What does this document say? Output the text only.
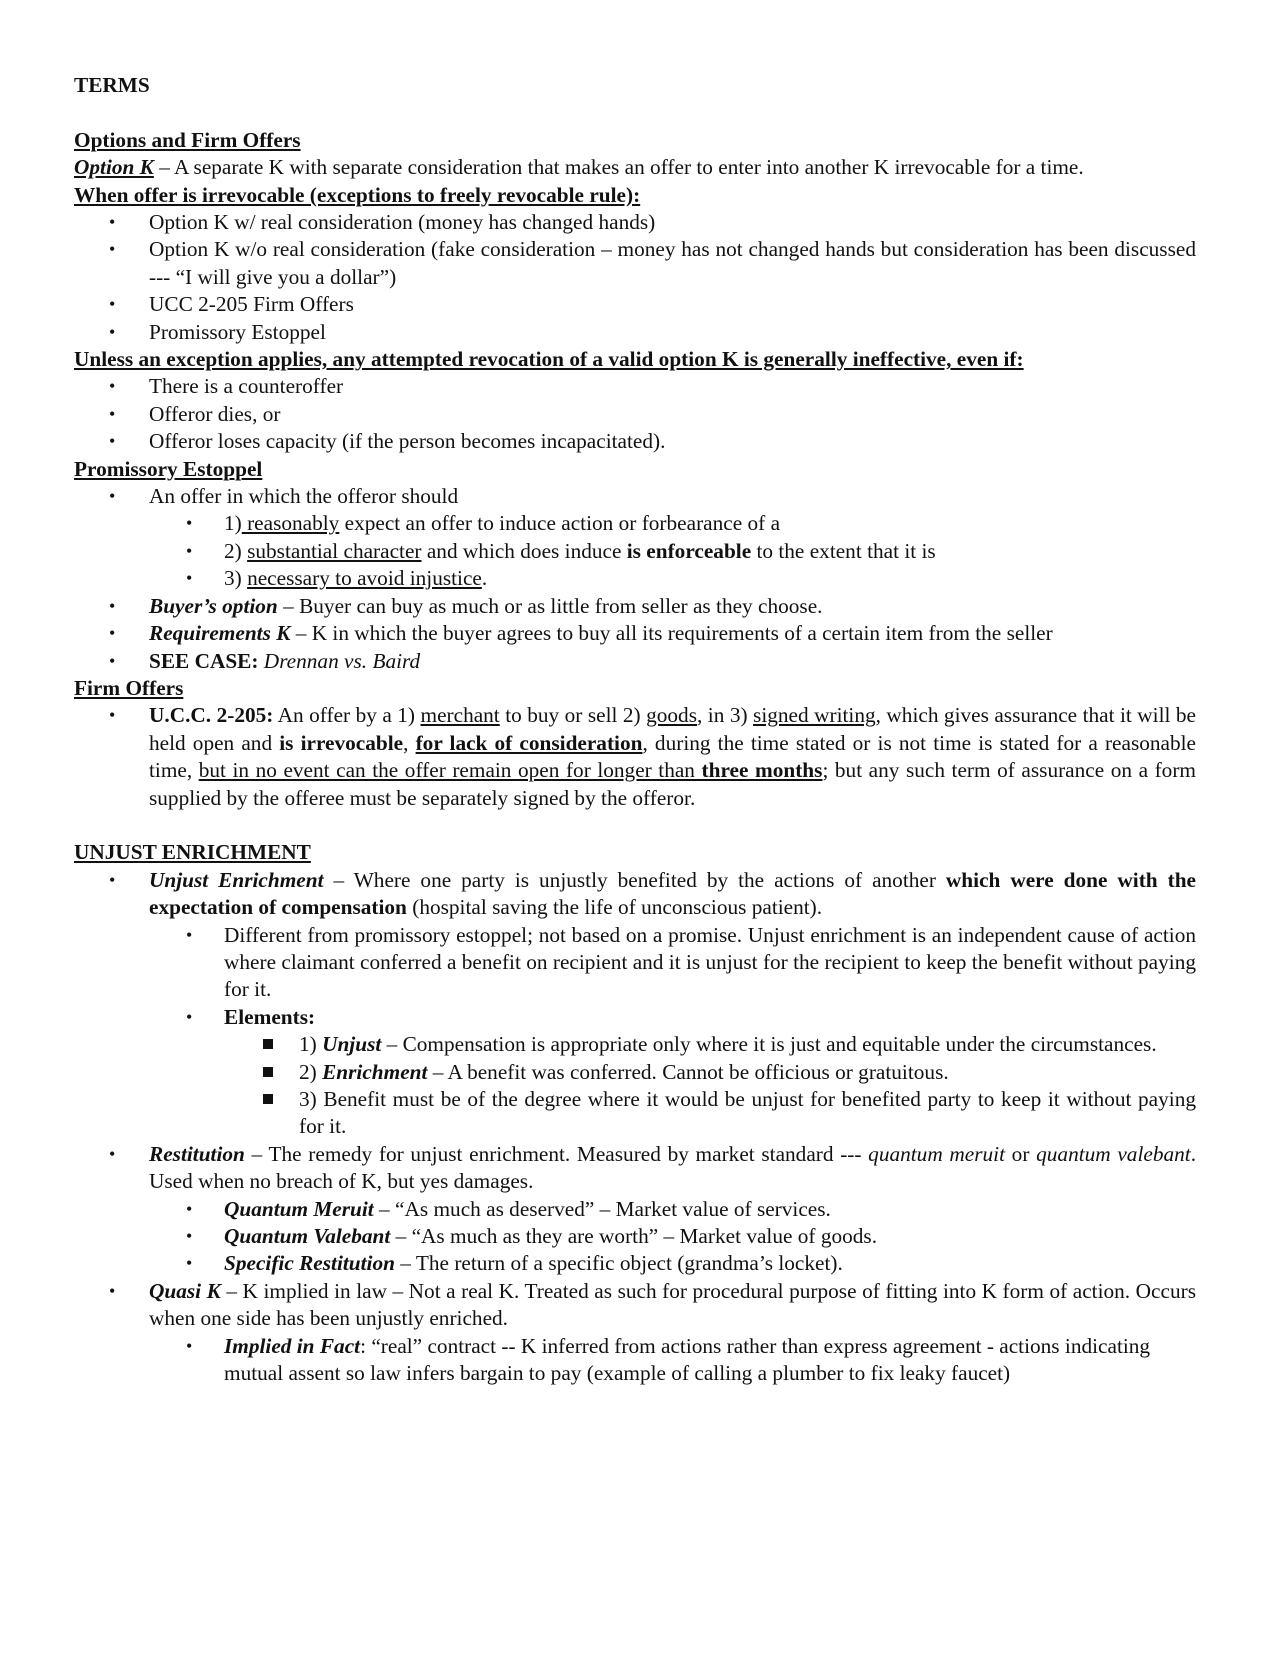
TERMS

Options and Firm Offers

Option K – A separate K with separate consideration that makes an offer to enter into another K irrevocable for a time.

When offer is irrevocable (exceptions to freely revocable rule):

• Option K w/ real consideration (money has changed hands)
• Option K w/o real consideration (fake consideration – money has not changed hands but consideration has been discussed --- “I will give you a dollar”)
• UCC 2-205 Firm Offers
• Promissory Estoppel

Unless an exception applies, any attempted revocation of a valid option K is generally ineffective, even if:

• There is a counteroffer
• Offeror dies, or
• Offeror loses capacity (if the person becomes incapacitated).

Promissory Estoppel

• An offer in which the offeror should
• 1) reasonably expect an offer to induce action or forbearance of a
• 2) substantial character and which does induce is enforceable to the extent that it is
• 3) necessary to avoid injustice.
• Buyer’s option – Buyer can buy as much or as little from seller as they choose.
• Requirements K – K in which the buyer agrees to buy all its requirements of a certain item from the seller
• SEE CASE: Drennan vs. Baird

Firm Offers

• U.C.C. 2-205: An offer by a 1) merchant to buy or sell 2) goods, in 3) signed writing, which gives assurance that it will be held open and is irrevocable, for lack of consideration, during the time stated or is not time is stated for a reasonable time, but in no event can the offer remain open for longer than three months; but any such term of assurance on a form supplied by the offeree must be separately signed by the offeror.

UNJUST ENRICHMENT

• Unjust Enrichment – Where one party is unjustly benefited by the actions of another which were done with the expectation of compensation (hospital saving the life of unconscious patient).
• Different from promissory estoppel; not based on a promise. Unjust enrichment is an independent cause of action where claimant conferred a benefit on recipient and it is unjust for the recipient to keep the benefit without paying for it.
• Elements:
1) Unjust – Compensation is appropriate only where it is just and equitable under the circumstances.
2) Enrichment – A benefit was conferred. Cannot be officious or gratuitous.
3) Benefit must be of the degree where it would be unjust for benefited party to keep it without paying for it.
• Restitution – The remedy for unjust enrichment. Measured by market standard --- quantum meruit or quantum valebant. Used when no breach of K, but yes damages.
• Quantum Meruit – “As much as deserved” – Market value of services.
• Quantum Valebant – “As much as they are worth” – Market value of goods.
• Specific Restitution – The return of a specific object (grandma’s locket).
• Quasi K – K implied in law – Not a real K. Treated as such for procedural purpose of fitting into K form of action. Occurs when one side has been unjustly enriched.
• Implied in Fact: “real” contract -- K inferred from actions rather than express agreement - actions indicating mutual assent so law infers bargain to pay (example of calling a plumber to fix leaky faucet)
